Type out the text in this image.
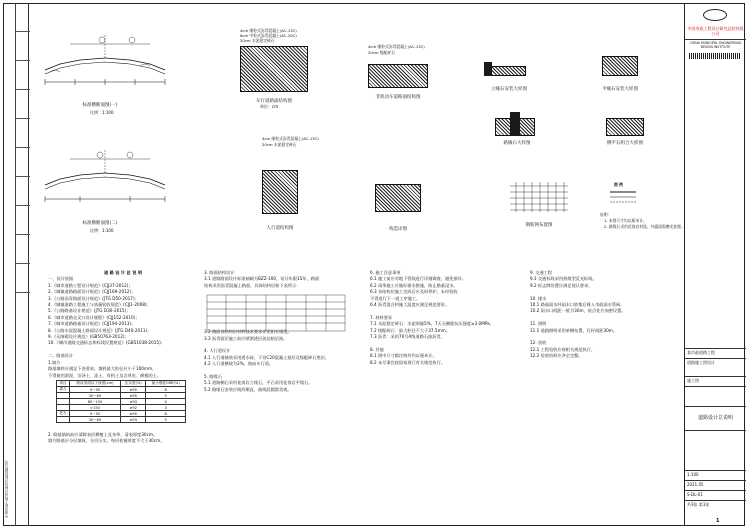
中国市政工程设计研究总院有限公司
标准横断面图(一)
比例：1:100
标准横断面图(二)
比例：1:100
4cm 细粒式沥青混凝土(AC-13C)
6cm 中粒式沥青混凝土(AC-20C)
20cm 水泥稳定碎石
车行道路面结构图
单位：cm
4cm 细粒式沥青混凝土(AC-13C)
20cm 级配碎石
非机动车道路面结构图
4cm 细粒式沥青混凝土(AC-13C)
20cm 水泥稳定碎石
人行道结构图	构造详图
立缘石安装大样图	平缘石安装大样图
路缘石大样图	侧平石组合大样图
钢筋网布置图
图 例
说明：
1. 本图尺寸均以厘米计。
2. 路缘石采用花岗岩材质，外露面需磨光处理。
道 路 设 计 总 说 明
一、设计依据
1.《城市道路工程设计规范》(CJJ37-2012)；
2.《城镇道路路面设计规范》(CJJ169-2012)；
3.《公路沥青路面设计规范》(JTG D50-2017)；
4.《城镇道路工程施工与质量验收规范》(CJJ1-2008)；
5.《公路路基设计规范》(JTG D30-2015)；
6.《城市道路交叉口设计规程》(CJJ152-2010)；
7.《城市道路路基设计规范》(CJJ194-2013)；
8.《公路水泥混凝土路面设计规范》(JTG D40-2011)；
9.《无障碍设计规范》(GB50763-2012)；
10.《城市道路交通标志和标线设置规范》(GB51038-2015)；

二、路基设计
1.填方
路基填料应满足下表要求，填料最大粒径应小于100mm，
不得使用淤泥、沼泽土、冻土、有机土及含草皮、树根的土。
项目	路床顶面以下深度(cm)	压实度(%)	最小强度CBR(%)
填方	0~30	≥95	8
	30~80	≥95	5
	80~150	≥93	4
	>150	≥92	3
挖方	0~30	≥95	8
	30~80	≥93	5
2. 路基填筑前应清除表层耕植土及杂草，清表厚度30cm。
填方路基应分层填筑、分层压实，每层松铺厚度不大于30cm。
3. 路面结构设计
3.1 道路路面设计标准轴载为BZZ-100，设计年限15年，路面
结构采用沥青混凝土路面，具体结构层如下表所示：
3.2 路面各结构层材料技术要求详见相关规范。
3.3 沥青面层施工前应喷洒透层油及粘层油。

4. 人行道设计
4.1 人行道铺装采用透水砖，下设C20混凝土基层及级配碎石垫层。
4.2 人行道横坡为2%，坡向车行道。

5. 路缘石
5.1 道路侧石采用花岗岩立缘石，平石采用花岗岩平缘石。
5.2 路缘石安装应线形顺直，曲线段圆滑美观。
6. 施工注意事项
6.1 施工前应对地下管线进行详细调查，避免损坏。
6.2 雨季施工应做好排水措施，防止路基浸水。
6.3 各结构层施工完成后应及时养护，未经验收
不得进行下一道工序施工。
6.4 沥青混合料施工温度应满足规范要求。

7. 材料要求
7.1 水泥稳定碎石：水泥剂量5%，7天无侧限抗压强度≥3.0MPa。
7.2 级配碎石：最大粒径不大于37.5mm。
7.3 沥青：采用70号A级道路石油沥青。

8. 其他
8.1 图中尺寸除注明外均以厘米计。
8.2 未尽事宜按国家现行有关规范执行。
9. 交通工程
9.1 交通标线采用热熔型反光标线。
9.2 标志牌设置应满足视认要求。

10. 排水
10.1 路面雨水经雨水口收集后排入市政雨水管网。
10.2 雨水口间距一般为30m，低点处应加密设置。

11. 照明
11.1 道路照明采用单侧布置，灯杆间距30m。

12. 验收
12.1 工程验收应按相关规范执行。
12.2 验收资料应齐全完整。
中国市政工程设计研究总院有限公司
CHINA MUNICIPAL ENGINEERING DESIGN INSTITUTE
某市政道路工程
道路施工图设计
施工图
道路设计总说明
1:100
2021.05
S-DL-01
共3张 第1张
1
